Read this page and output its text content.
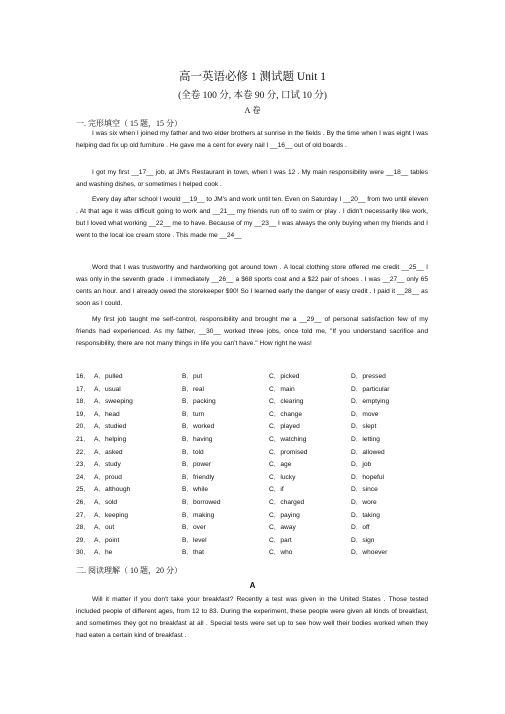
高一英语必修 1 测试题 Unit 1
(全卷 100 分, 本卷 90 分, 口试 10 分)
A 卷
一. 完形填空（ 15 题，15 分）
I was six when I joined my father and two elder brothers at sunrise in the fields . By the time when I was eight I was helping dad fix up old furniture . He gave me a cent for every nail I __16__ out of old boards .
I got my first __17__ job, at JM's Restaurant in town, when I was 12 . My main responsibility were __18__ tables and washing dishes, or sometimes I helped cook .
Every day after school I would __19__ to JM's and work until ten. Even on Saturday I __20__ from two until eleven . At that age it was difficult going to work and __21__ my friends run off to swim or play . I didn't necessarily like work, but I loved what working __22__ me to have. Because of my __23__ I was always the only buying when my friends and I went to the local ice cream store . This made me __24__
Word that I was trustworthy and hardworking got around town . A local clothing store offered me credit __25__ I was only in the seventh grade . I immediately __26__ a $68 sports coat and a $22 pair of shoes . I was __27__ only 65 cents an hour. and I already owed the storekeeper $90! So I learned early the danger of easy credit . I paid it __28__ as soon as I could.
My first job taught me self-control, responsibility and brought me a __29__ of personal satisfaction few of my friends had experienced. As my father, __30__ worked three jobs, once told me, "If you understand sacrifice and responsibility, there are not many things in life you can't have." How right he was!
16． A．pulled	B．put	C．picked	D．pressed
17． A．usual	B．real	C．main	D．particular
18． A．sweeping	B．packing	C．clearing	D．emptying
19． A．head	B．turn	C．change	D．move
20． A．studied	B．worked	C．played	D．slept
21． A．helping	B．having	C．watching	D．letting
22． A．asked	B．told	C．promised	D．allowed
23． A．study	B．power	C．age	D．job
24． A．proud	B．friendly	C．lucky	D．hopeful
25． A．although	B．while	C．if	D．since
26． A．sold	B．borrowed	C．charged	D．wore
27． A．keeping	B．making	C．paying	D．taking
28． A．out	B．over	C．away	D．off
29． A．point	B．level	C．part	D．sign
30． A．he	B．that	C．who	D．whoever
二. 阅读理解（ 10 题，20 分）
A
Will it matter if you don't take your breakfast? Recently a test was given in the United States . Those tested included people of different ages, from 12 to 83. During the experiment, these people were given all kinds of breakfast, and sometimes they got no breakfast at all . Special tests were set up to see how well their bodies worked when they had eaten a certain kind of breakfast .
